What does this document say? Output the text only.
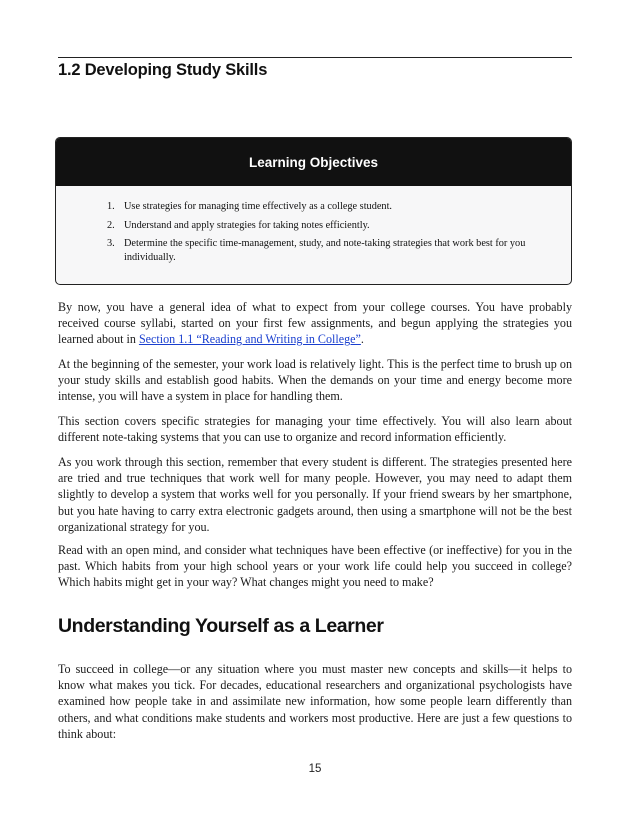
1.2 Developing Study Skills
Learning Objectives
1. Use strategies for managing time effectively as a college student.
2. Understand and apply strategies for taking notes efficiently.
3. Determine the specific time-management, study, and note-taking strategies that work best for you individually.

By now, you have a general idea of what to expect from your college courses. You have probably received course syllabi, started on your first few assignments, and begun applying the strategies you learned about in Section 1.1 “Reading and Writing in College”.

At the beginning of the semester, your work load is relatively light. This is the perfect time to brush up on your study skills and establish good habits. When the demands on your time and energy become more intense, you will have a system in place for handling them.

This section covers specific strategies for managing your time effectively. You will also learn about different note-taking systems that you can use to organize and record information efficiently.

As you work through this section, remember that every student is different. The strategies presented here are tried and true techniques that work well for many people. However, you may need to adapt them slightly to develop a system that works well for you personally. If your friend swears by her smartphone, but you hate having to carry extra electronic gadgets around, then using a smartphone will not be the best organizational strategy for you.

Read with an open mind, and consider what techniques have been effective (or ineffective) for you in the past. Which habits from your high school years or your work life could help you succeed in college? Which habits might get in your way? What changes might you need to make?

Understanding Yourself as a Learner

To succeed in college—or any situation where you must master new concepts and skills—it helps to know what makes you tick. For decades, educational researchers and organizational psychologists have examined how people take in and assimilate new information, how some people learn differently than others, and what conditions make students and workers most productive. Here are just a few questions to think about:

15
